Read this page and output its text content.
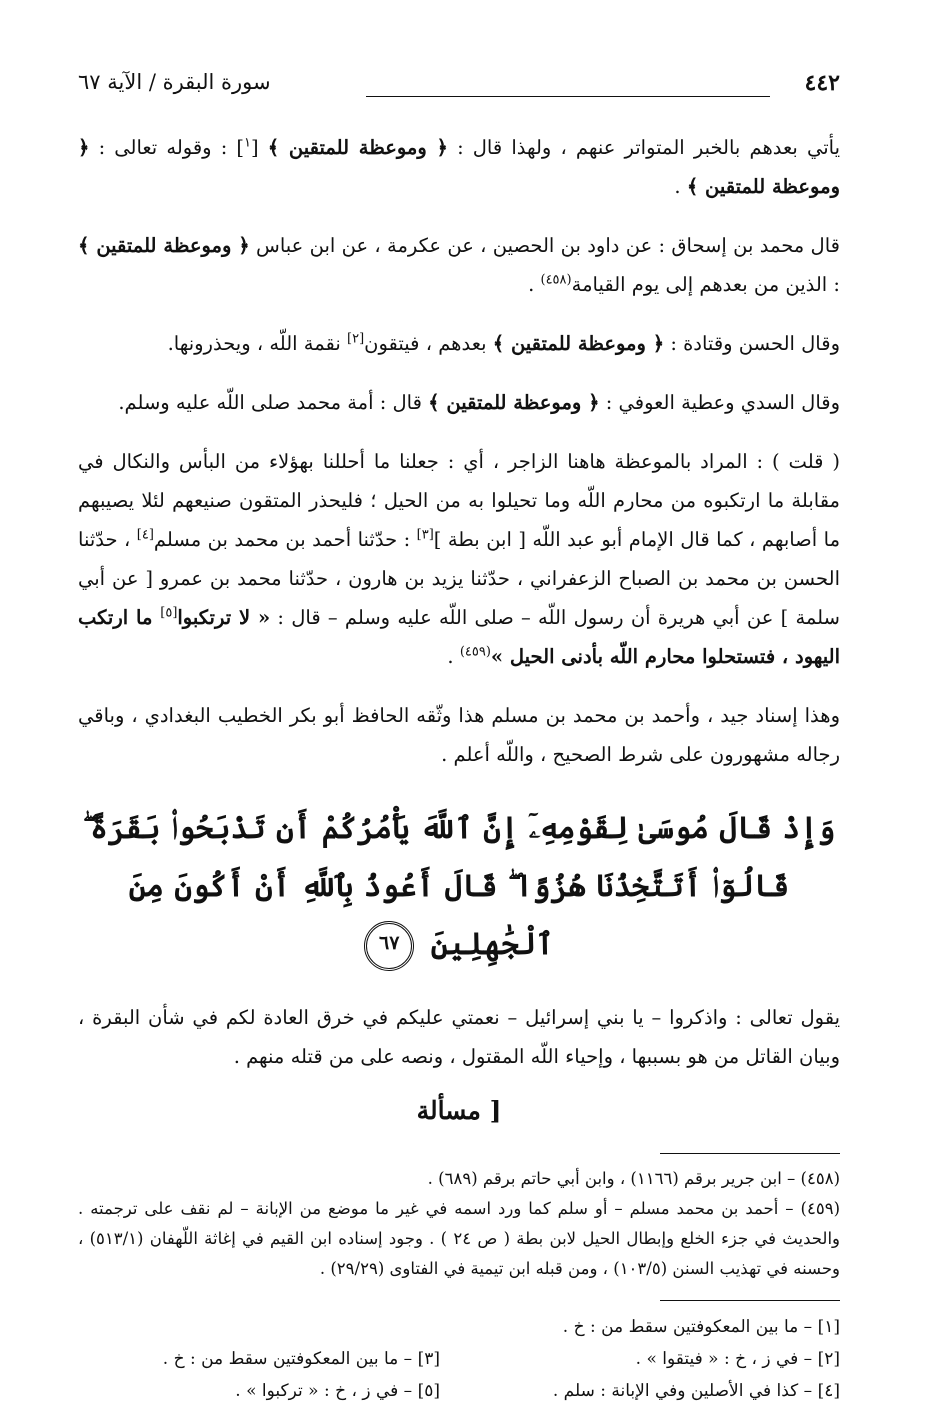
٤٤٢
سورة البقرة / الآية ٦٧

يأتي بعدهم بالخبر المتواتر عنهم ، ولهذا قال : ﴿ وموعظة للمتقين ﴾ [$^١$] : وقوله تعالى : ﴿ وموعظة للمتقين ﴾ .

قال محمد بن إسحاق : عن داود بن الحصين ، عن عكرمة ، عن ابن عباس ﴿ وموعظة للمتقين ﴾ : الذين من بعدهم إلى يوم القيامة$^{(٤٥٨)}$ .

وقال الحسن وقتادة : ﴿ وموعظة للمتقين ﴾ بعدهم ، فيتقون[٢] نقمة اللّه ، ويحذرونها.

وقال السدي وعطية العوفي : ﴿ وموعظة للمتقين ﴾ قال : أمة محمد صلى اللّه عليه وسلم.

( قلت ) : المراد بالموعظة هاهنا الزاجر ، أي : جعلنا ما أحللنا بهؤلاء من البأس والنكال في مقابلة ما ارتكبوه من محارم اللّه وما تحيلوا به من الحيل ؛ فليحذر المتقون صنيعهم لئلا يصيبهم ما أصابهم ، كما قال الإمام أبو عبد اللّه [ ابن بطة ][٣] : حدّثنا أحمد بن محمد بن مسلم[٤] ، حدّثنا الحسن بن محمد بن الصباح الزعفراني ، حدّثنا يزيد بن هارون ، حدّثنا محمد بن عمرو [ عن أبي سلمة ] عن أبي هريرة أن رسول اللّه – صلى اللّه عليه وسلم – قال : « لا ترتكبوا[٥] ما ارتكب اليهود ، فتستحلوا محارم اللّه بأدنى الحيل »$^{(٤٥٩)}$ .

وهذا إسناد جيد ، وأحمد بن محمد بن مسلم هذا وثّقه الحافظ أبو بكر الخطيب البغدادي ، وباقي رجاله مشهورون على شرط الصحيح ، واللّه أعلم .

وَإِذْ قَالَ مُوسَىٰ لِقَوْمِهِۦٓ إِنَّ ٱللَّهَ يَأْمُرُكُمْ أَن تَذْبَحُوا۟ بَقَرَةً ۖ قَالُوٓا۟ أَتَتَّخِذُنَا هُزُوًا ۖ قَالَ أَعُوذُ بِٱللَّهِ أَنْ أَكُونَ مِنَ ٱلْجَٰهِلِينَ ٦٧

يقول تعالى : واذكروا – يا بني إسرائيل – نعمتي عليكم في خرق العادة لكم في شأن البقرة ، وبيان القاتل من هو بسببها ، وإحياء اللّه المقتول ، ونصه على من قتله منهم .

[ مسألة

(٤٥٨) – ابن جرير برقم (١١٦٦) ، وابن أبي حاتم برقم (٦٨٩) .

(٤٥٩) – أحمد بن محمد مسلم – أو سلم كما ورد اسمه في غير ما موضع من الإبانة – لم نقف على ترجمته . والحديث في جزء الخلع وإبطال الحيل لابن بطة ( ص ٢٤ ) . وجود إسناده ابن القيم في إغاثة اللّهفان (٥١٣/١) ، وحسنه في تهذيب السنن (١٠٣/٥) ، ومن قبله ابن تيمية في الفتاوى (٢٩/٢٩) .

[١] – ما بين المعكوفتين سقط من : خ .
[٢] – في ز ، خ : « فيتقوا » .
[٣] – ما بين المعكوفتين سقط من : خ .
[٤] – كذا في الأصلين وفي الإبانة : سلم .
[٥] – في ز ، خ : « تركبوا » .
